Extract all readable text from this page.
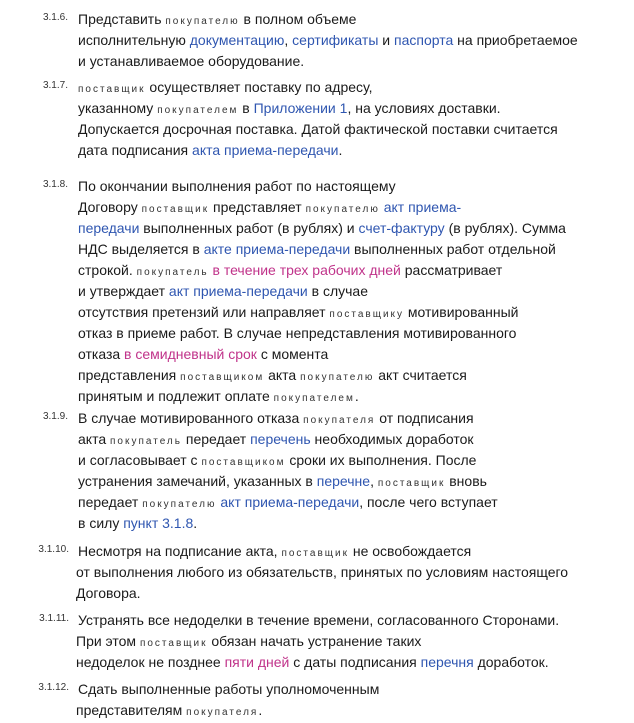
3.1.6. Представить покупателю в полном объеме
исполнительную документацию, сертификаты и паспорта на приобретаемое
и устанавливаемое оборудование.
3.1.7.	поставщик осуществляет поставку по адресу,
указанному покупателем в Приложении 1, на условиях доставки.
Допускается досрочная поставка. Датой фактической поставки считается
дата подписания акта приема-передачи.
3.1.8. По окончании выполнения работ по настоящему
Договору поставщик представляет покупателю акт приема-
передачи выполненных работ (в рублях) и счет-фактуру (в рублях). Сумма
НДС выделяется в акте приема-передачи выполненных работ отдельной
строкой. покупатель в течение трех рабочих дней рассматривает
и утверждает акт приема-передачи в случае
отсутствия претензий или направляет поставщику мотивированный
отказ в приеме работ. В случае непредставления мотивированного
отказа в семидневный срок с момента
представления поставщиком акта покупателю акт считается
принятым и подлежит оплате покупателем.
3.1.9. В случае мотивированного отказа покупателя от подписания
акта покупатель передает перечень необходимых доработок
и согласовывает с поставщиком сроки их выполнения. После
устранения замечаний, указанных в перечне, поставщик вновь
передает покупателю акт приема-передачи, после чего вступает
в силу пункт 3.1.8.
3.1.10. Несмотря на подписание акта, поставщик не освобождается
от выполнения любого из обязательств, принятых по условиям настоящего
Договора.
3.1.11. Устранять все недоделки в течение времени, согласованного Сторонами.
При этом поставщик обязан начать устранение таких
недоделок не позднее пяти дней с даты подписания перечня доработок.
3.1.12. Сдать выполненные работы уполномоченным
представителям покупателя.
